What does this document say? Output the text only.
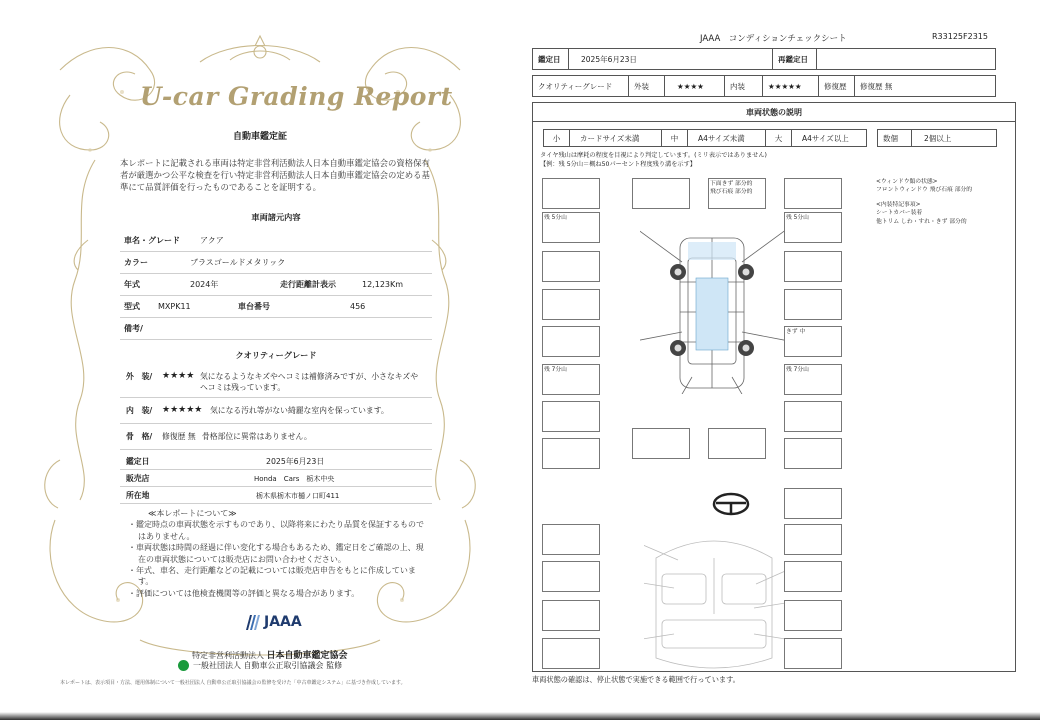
U-car Grading Report
自動車鑑定証
本レポートに記載される車両は特定非営利活動法人日本自動車鑑定協会の資格保有者が厳選かつ公平な検査を行い特定非営利活動法人日本自動車鑑定協会の定める基準にて品質評価を行ったものであることを証明する。
車両諸元内容
車名・グレード	アクア
カラー	ブラスゴールドメタリック
年式	2024年	走行距離計表示	12,123Km
型式	MXPK11	車台番号	456
備考/
クオリティーグレード
外　装/	★★★★ 気になるようなキズやヘコミは補修済みですが、小さなキズやヘコミは残っています。
内　装/	★★★★★ 気になる汚れ等がない綺麗な室内を保っています。
骨　格/	修復歴 無 骨格部位に異常はありません。
鑑定日	2025年6月23日
販売店	Honda　Cars　栃木中央
所在地	栃木県栃木市樋ノ口町411
≪本レポートについて≫
・鑑定時点の車両状態を示すものであり、以降将来にわたり品質を保証するものではありません。
・車両状態は時間の経過に伴い変化する場合もあるため、鑑定日をご確認の上、現在の車両状態については販売店にお問い合わせください。
・年式、車名、走行距離などの記載については販売店申告をもとに作成しています。
・評価については他検査機関等の評価と異なる場合があります。
JAAA
特定非営利活動法人 日本自動車鑑定協会
一般社団法人 自動車公正取引協議会 監修
本レポートは、表示項目・方法、運用体制について一般社団法人 自動車公正取引協議会の監修を受けた「中古車鑑定システム」に基づき作成しています。
JAAA　コンディションチェックシート	R33125F2315
鑑定日	2025年6月23日	再鑑定日
クオリティーグレード	外装	★★★★	内装	★★★★★	修復歴	修復歴 無
車両状態の説明
小	カードサイズ未満	中	A4サイズ未満	大	A4サイズ以上	数個	2個以上
タイヤ残山は摩耗の程度を目視により判定しています。(ミリ表示ではありません)
【例：残 5分山＝概ね50パーセント程度残り溝を示す】
<ウィンドウ類の状態>
フロントウィンドウ 飛び石痕 部分的
<内装特記事項>
シートカバー装着
他トリム しわ・すれ・きず 部分的
残 5分山
残 7分山
残 5分山
きず 中
残 7分山
下面きず 部分的
飛び石痕 部分的
車両状態の確認は、停止状態で実施できる範囲で行っています。
